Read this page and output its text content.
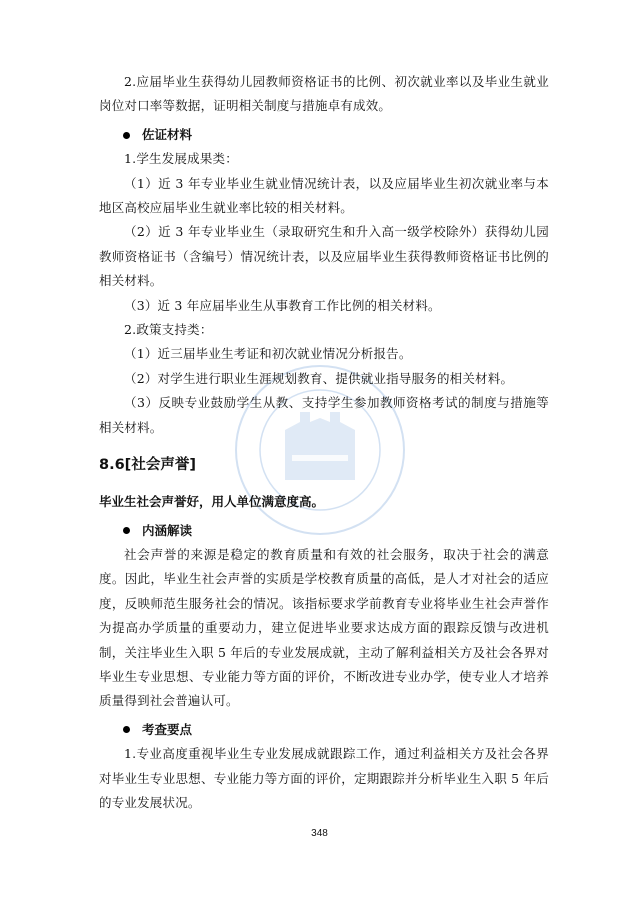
2.应届毕业生获得幼儿园教师资格证书的比例、初次就业率以及毕业生就业岗位对口率等数据，证明相关制度与措施卓有成效。

佐证材料

1.学生发展成果类：

（1）近 3 年专业毕业生就业情况统计表，以及应届毕业生初次就业率与本地区高校应届毕业生就业率比较的相关材料。

（2）近 3 年专业毕业生（录取研究生和升入高一级学校除外）获得幼儿园教师资格证书（含编号）情况统计表，以及应届毕业生获得教师资格证书比例的相关材料。

（3）近 3 年应届毕业生从事教育工作比例的相关材料。

2.政策支持类：

（1）近三届毕业生考证和初次就业情况分析报告。

（2）对学生进行职业生涯规划教育、提供就业指导服务的相关材料。

（3）反映专业鼓励学生从教、支持学生参加教师资格考试的制度与措施等相关材料。

8.6[社会声誉]

毕业生社会声誉好，用人单位满意度高。

内涵解读

社会声誉的来源是稳定的教育质量和有效的社会服务，取决于社会的满意度。因此，毕业生社会声誉的实质是学校教育质量的高低，是人才对社会的适应度，反映师范生服务社会的情况。该指标要求学前教育专业将毕业生社会声誉作为提高办学质量的重要动力，建立促进毕业要求达成方面的跟踪反馈与改进机制，关注毕业生入职 5 年后的专业发展成就，主动了解利益相关方及社会各界对毕业生专业思想、专业能力等方面的评价，不断改进专业办学，使专业人才培养质量得到社会普遍认可。

考查要点

1.专业高度重视毕业生专业发展成就跟踪工作，通过利益相关方及社会各界对毕业生专业思想、专业能力等方面的评价，定期跟踪并分析毕业生入职 5 年后的专业发展状况。

348
